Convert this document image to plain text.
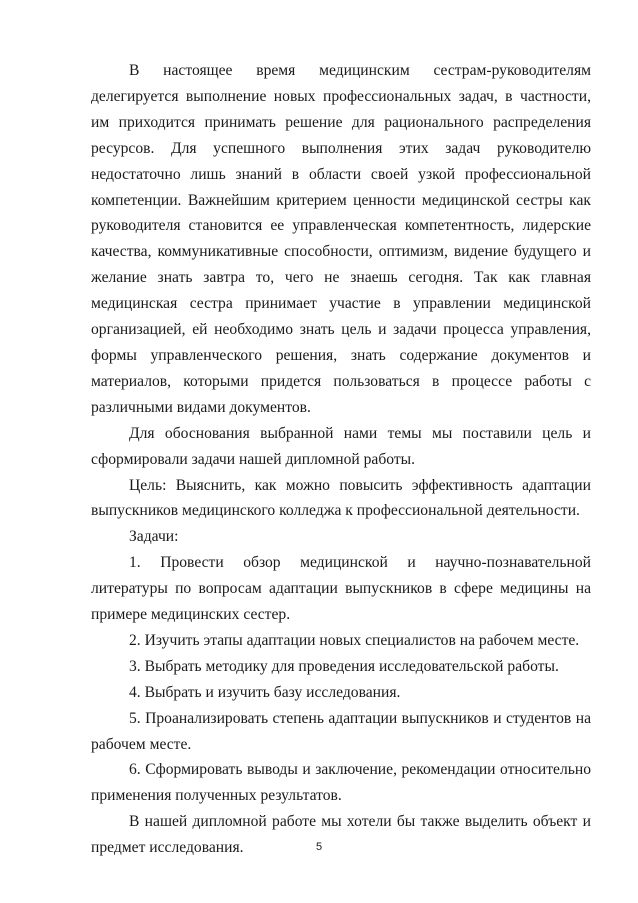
В настоящее время медицинским сестрам-руководителям делегируется выполнение новых профессиональных задач, в частности, им приходится принимать решение для рационального распределения ресурсов. Для успешного выполнения этих задач руководителю недостаточно лишь знаний в области своей узкой профессиональной компетенции. Важнейшим критерием ценности медицинской сестры как руководителя становится ее управленческая компетентность, лидерские качества, коммуникативные способности, оптимизм, видение будущего и желание знать завтра то, чего не знаешь сегодня. Так как главная медицинская сестра принимает участие в управлении медицинской организацией, ей необходимо знать цель и задачи процесса управления, формы управленческого решения, знать содержание документов и материалов, которыми придется пользоваться в процессе работы с различными видами документов.

Для обоснования выбранной нами темы мы поставили цель и сформировали задачи нашей дипломной работы.

Цель: Выяснить, как можно повысить эффективность адаптации выпускников медицинского колледжа к профессиональной деятельности.

Задачи:

1. Провести обзор медицинской и научно-познавательной литературы по вопросам адаптации выпускников в сфере медицины на примере медицинских сестер.

2. Изучить этапы адаптации новых специалистов на рабочем месте.

3. Выбрать методику для проведения исследовательской работы.

4. Выбрать и изучить базу исследования.

5. Проанализировать степень адаптации выпускников и студентов на рабочем месте.

6. Сформировать выводы и заключение, рекомендации относительно применения полученных результатов.

В нашей дипломной работе мы хотели бы также выделить объект и предмет исследования.	5
